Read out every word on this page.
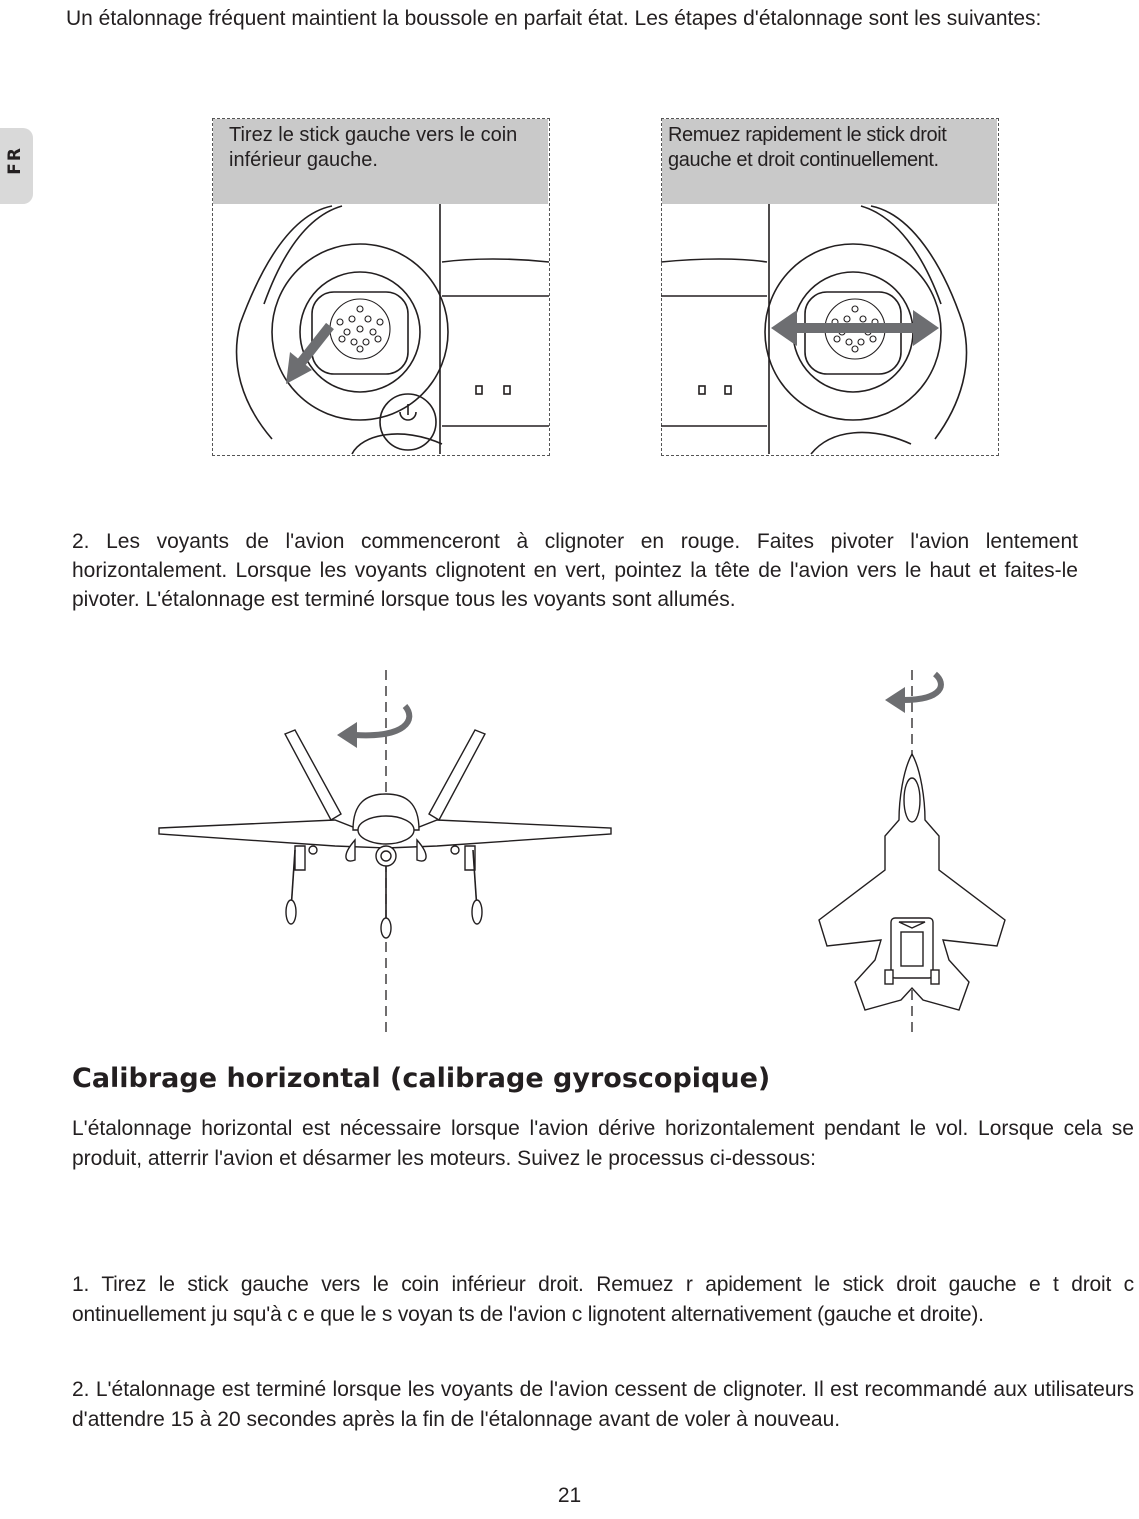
FR
Un étalonnage fréquent maintient la boussole en parfait état. Les étapes d'étalonnage sont les suivantes:
Tirez le stick gauche vers le coin inférieur gauche.
Remuez rapidement le stick droit gauche et droit continuellement.
2. Les voyants de l'avion commenceront à clignoter en rouge. Faites pivoter l'avion lentement horizontalement. Lorsque les voyants clignotent en vert, pointez la tête de l'avion vers le haut et faites-le pivoter. L'étalonnage est terminé lorsque tous les voyants sont allumés.
Calibrage horizontal (calibrage gyroscopique)
L'étalonnage horizontal est nécessaire lorsque l'avion dérive horizontalement pendant le vol. Lorsque cela se produit, atterrir l'avion et désarmer les moteurs. Suivez le processus ci-dessous:
1. Tirez le stick gauche vers le coin inférieur droit. Remuez r apidement le stick droit gauche e t droit c ontinuellement ju squ'à c e que le s voyan ts de l'avion c lignotent alternativement (gauche et droite).
2. L'étalonnage est terminé lorsque les voyants de l'avion cessent de clignoter. Il est recommandé aux utilisateurs d'attendre 15 à 20 secondes après la fin de l'étalonnage avant de voler à nouveau.
21
